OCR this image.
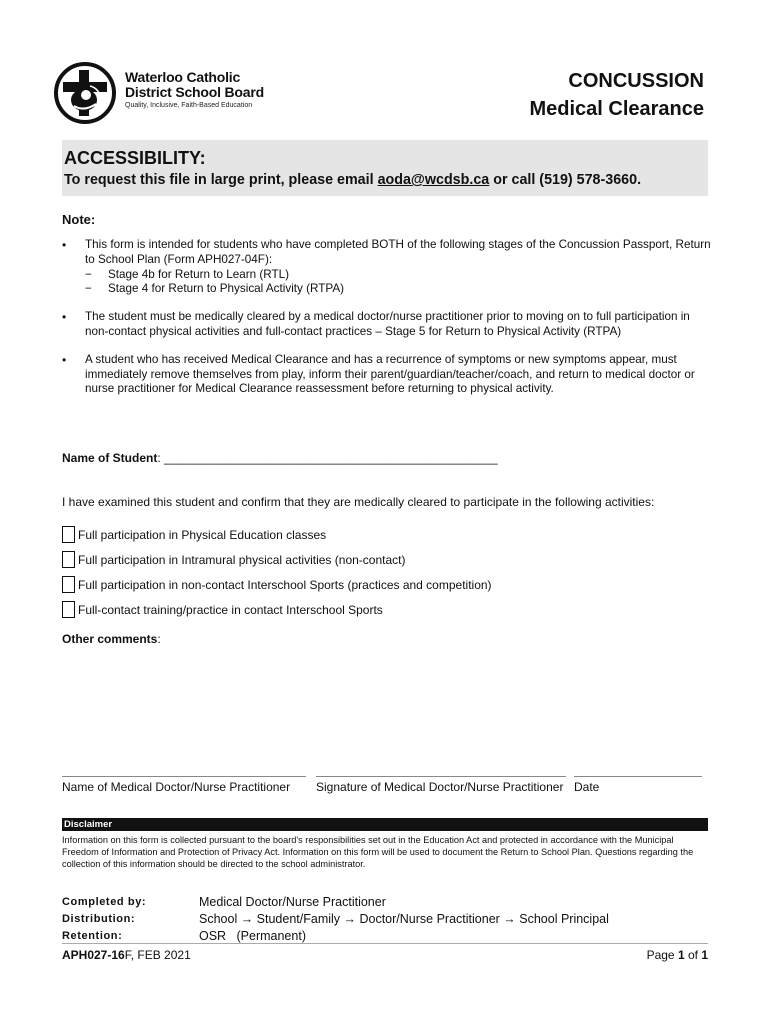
Waterloo Catholic
District School Board
Quality, Inclusive, Faith-Based Education
CONCUSSION
Medical Clearance
ACCESSIBILITY:
To request this file in large print, please email aoda@wcdsb.ca or call (519) 578-3660.
Note:
• This form is intended for students who have completed BOTH of the following stages of the Concussion Passport, Return to School Plan (Form APH027-04F):
− Stage 4b for Return to Learn (RTL)
− Stage 4 for Return to Physical Activity (RTPA)
• The student must be medically cleared by a medical doctor/nurse practitioner prior to moving on to full participation in non-contact physical activities and full-contact practices – Stage 5 for Return to Physical Activity (RTPA)
• A student who has received Medical Clearance and has a recurrence of symptoms or new symptoms appear, must immediately remove themselves from play, inform their parent/guardian/teacher/coach, and return to medical doctor or nurse practitioner for Medical Clearance reassessment before returning to physical activity.
Name of Student: __________________________________________________
I have examined this student and confirm that they are medically cleared to participate in the following activities:
Full participation in Physical Education classes
Full participation in Intramural physical activities (non-contact)
Full participation in non-contact Interschool Sports (practices and competition)
Full-contact training/practice in contact Interschool Sports
Other comments:
Name of Medical Doctor/Nurse Practitioner	Signature of Medical Doctor/Nurse Practitioner Date
Disclaimer
Information on this form is collected pursuant to the board's responsibilities set out in the Education Act and protected in accordance with the Municipal Freedom of Information and Protection of Privacy Act. Information on this form will be used to document the Return to School Plan. Questions regarding the collection of this information should be directed to the school administrator.
Completed by:	Medical Doctor/Nurse Practitioner
Distribution:	School → Student/Family → Doctor/Nurse Practitioner → School Principal
Retention:	OSR   (Permanent)
APH027-16F, FEB 2021	Page 1 of 1
